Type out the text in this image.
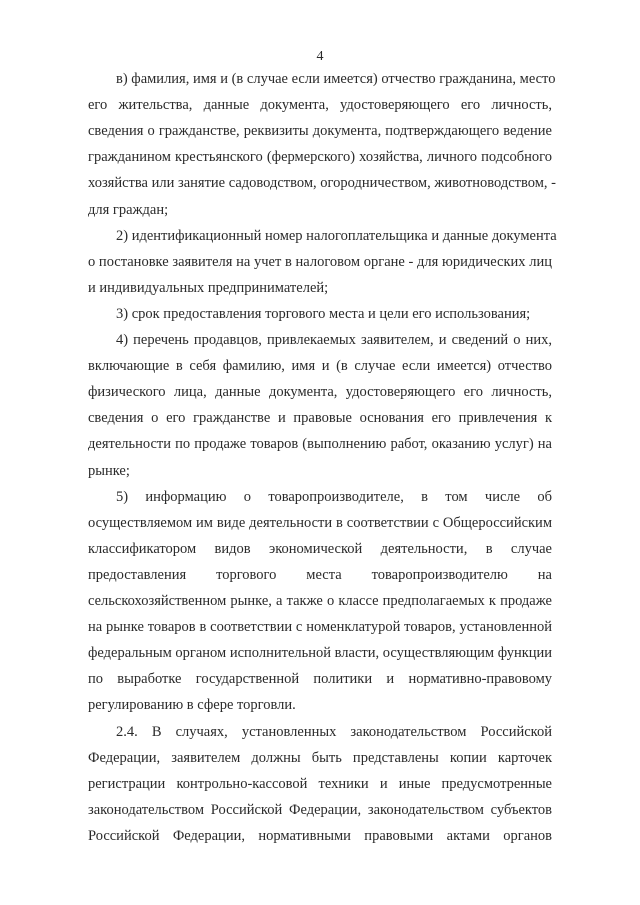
4
в) фамилия, имя и (в случае если имеется) отчество гражданина, место
его жительства, данные документа, удостоверяющего его личность,
сведения о гражданстве, реквизиты документа, подтверждающего ведение
гражданином крестьянского (фермерского) хозяйства, личного подсобного
хозяйства или занятие садоводством, огородничеством, животноводством, -
для граждан;
2) идентификационный номер налогоплательщика и данные документа
о постановке заявителя на учет в налоговом органе - для юридических лиц
и индивидуальных предпринимателей;
3) срок предоставления торгового места и цели его использования;
4) перечень продавцов, привлекаемых заявителем, и сведений о них,
включающие в себя фамилию, имя и (в случае если имеется) отчество
физического лица, данные документа, удостоверяющего его личность,
сведения о его гражданстве и правовые основания его привлечения к
деятельности по продаже товаров (выполнению работ, оказанию услуг) на
рынке;
5) информацию о товаропроизводителе, в том числе об
осуществляемом им виде деятельности в соответствии с Общероссийским
классификатором видов экономической деятельности, в случае
предоставления торгового места товаропроизводителю на
сельскохозяйственном рынке, а также о классе предполагаемых к продаже
на рынке товаров в соответствии с номенклатурой товаров, установленной
федеральным органом исполнительной власти, осуществляющим функции
по выработке государственной политики и нормативно-правовому
регулированию в сфере торговли.
2.4. В случаях, установленных законодательством Российской
Федерации, заявителем должны быть представлены копии карточек
регистрации контрольно-кассовой техники и иные предусмотренные
законодательством Российской Федерации, законодательством субъектов
Российской Федерации, нормативными правовыми актами органов
